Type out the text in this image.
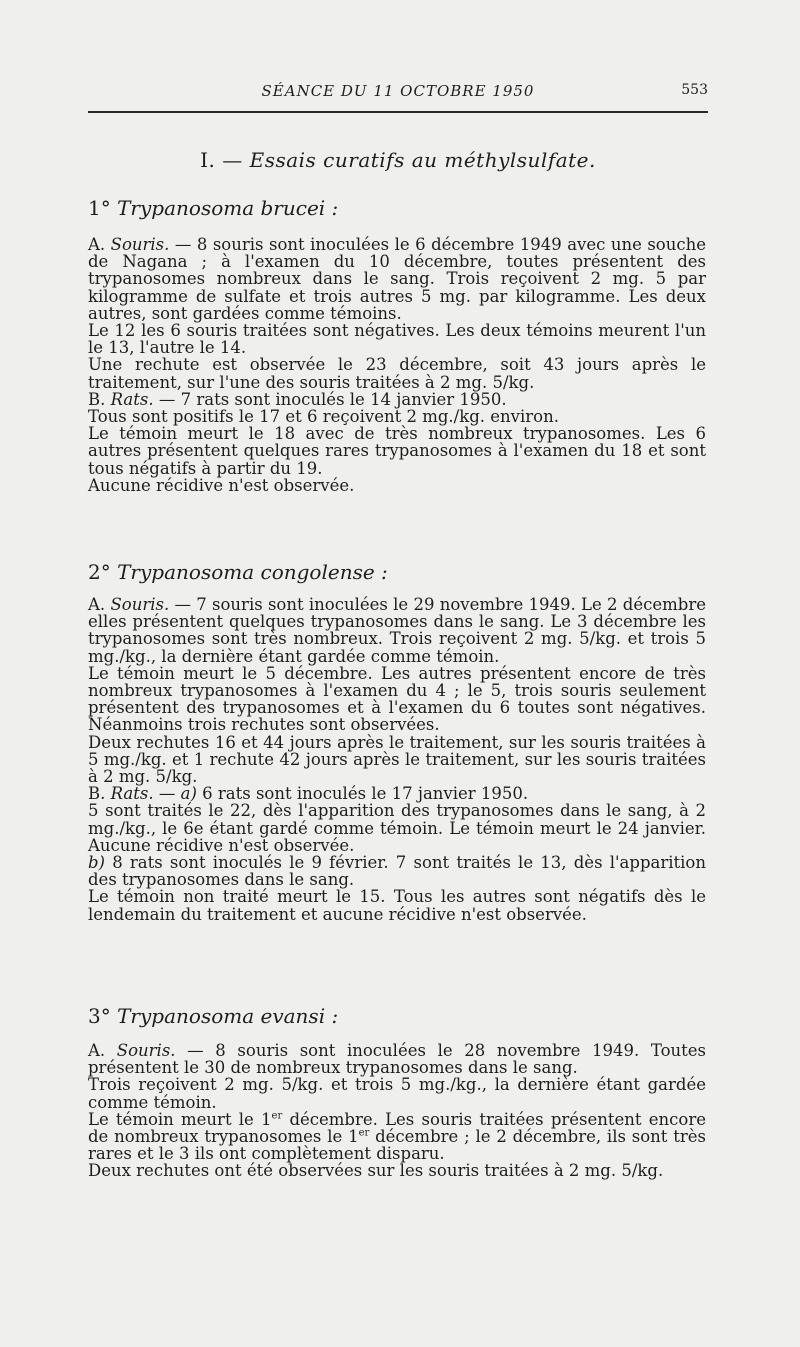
SÉANCE DU 11 OCTOBRE 1950	553
I. — Essais curatifs au méthylsulfate.
1° Trypanosoma brucei :

A. Souris. — 8 souris sont inoculées le 6 décembre 1949 avec une souche de Nagana ; à l'examen du 10 décembre, toutes présentent des trypanosomes nombreux dans le sang. Trois reçoivent 2 mg. 5 par kilogramme de sulfate et trois autres 5 mg. par kilogramme. Les deux autres, sont gardées comme témoins.

Le 12 les 6 souris traitées sont négatives. Les deux témoins meurent l'un le 13, l'autre le 14.

Une rechute est observée le 23 décembre, soit 43 jours après le traitement, sur l'une des souris traitées à 2 mg. 5/kg.

B. Rats. — 7 rats sont inoculés le 14 janvier 1950.

Tous sont positifs le 17 et 6 reçoivent 2 mg./kg. environ.

Le témoin meurt le 18 avec de très nombreux trypanosomes. Les 6 autres présentent quelques rares trypanosomes à l'examen du 18 et sont tous négatifs à partir du 19.

Aucune récidive n'est observée.

2° Trypanosoma congolense :

A. Souris. — 7 souris sont inoculées le 29 novembre 1949. Le 2 décembre elles présentent quelques trypanosomes dans le sang. Le 3 décembre les trypanosomes sont très nombreux. Trois reçoivent 2 mg. 5/kg. et trois 5 mg./kg., la dernière étant gardée comme témoin.

Le témoin meurt le 5 décembre. Les autres présentent encore de très nombreux trypanosomes à l'examen du 4 ; le 5, trois souris seulement présentent des trypanosomes et à l'examen du 6 toutes sont négatives. Néanmoins trois rechutes sont observées.

Deux rechutes 16 et 44 jours après le traitement, sur les souris traitées à 5 mg./kg. et 1 rechute 42 jours après le traitement, sur les souris traitées à 2 mg. 5/kg.

B. Rats. — a) 6 rats sont inoculés le 17 janvier 1950.

5 sont traités le 22, dès l'apparition des trypanosomes dans le sang, à 2 mg./kg., le 6e étant gardé comme témoin. Le témoin meurt le 24 janvier. Aucune récidive n'est observée.

b) 8 rats sont inoculés le 9 février. 7 sont traités le 13, dès l'apparition des trypanosomes dans le sang.

Le témoin non traité meurt le 15. Tous les autres sont négatifs dès le lendemain du traitement et aucune récidive n'est observée.

3° Trypanosoma evansi :

A. Souris. — 8 souris sont inoculées le 28 novembre 1949. Toutes présentent le 30 de nombreux trypanosomes dans le sang.

Trois reçoivent 2 mg. 5/kg. et trois 5 mg./kg., la dernière étant gardée comme témoin.

Le témoin meurt le 1er décembre. Les souris traitées présentent encore de nombreux trypanosomes le 1er décembre ; le 2 décembre, ils sont très rares et le 3 ils ont complètement disparu.

Deux rechutes ont été observées sur les souris traitées à 2 mg. 5/kg.
